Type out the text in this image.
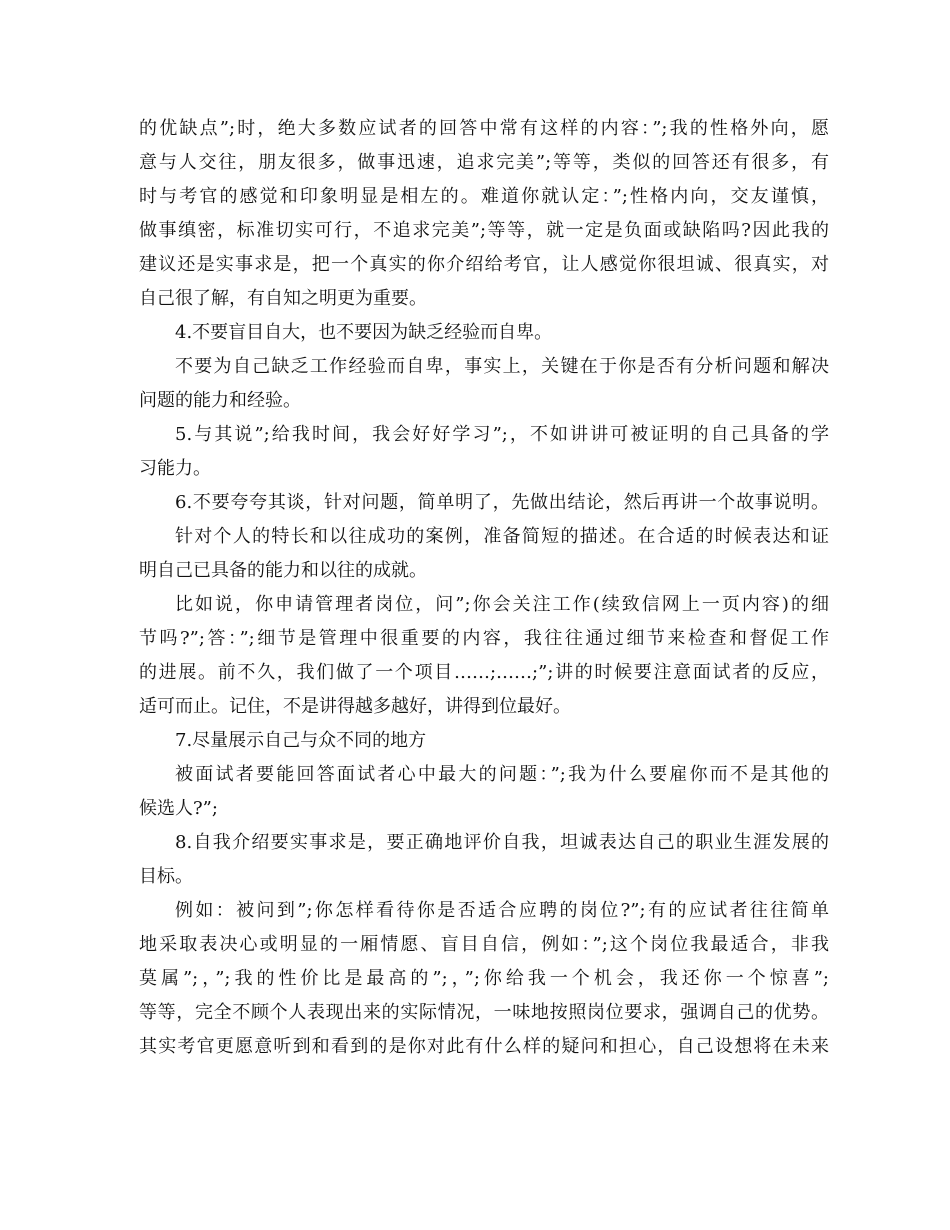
的优缺点”;时，绝大多数应试者的回答中常有这样的内容：”;我的性格外向，愿
意与人交往，朋友很多，做事迅速，追求完美”;等等，类似的回答还有很多，有
时与考官的感觉和印象明显是相左的。难道你就认定：”;性格内向，交友谨慎，
做事缜密，标准切实可行，不追求完美”;等等，就一定是负面或缺陷吗?因此我的
建议还是实事求是，把一个真实的你介绍给考官，让人感觉你很坦诚、很真实，对
自己很了解，有自知之明更为重要。
4.不要盲目自大，也不要因为缺乏经验而自卑。
不要为自己缺乏工作经验而自卑，事实上，关键在于你是否有分析问题和解决
问题的能力和经验。
5.与其说”;给我时间，我会好好学习”;，不如讲讲可被证明的自己具备的学
习能力。
6.不要夸夸其谈，针对问题，简单明了，先做出结论，然后再讲一个故事说明。
针对个人的特长和以往成功的案例，准备简短的描述。在合适的时候表达和证
明自己已具备的能力和以往的成就。
比如说，你申请管理者岗位，问”;你会关注工作(续致信网上一页内容)的细
节吗?”;答：”;细节是管理中很重要的内容，我往往通过细节来检查和督促工作
的进展。前不久，我们做了一个项目……;……;”;讲的时候要注意面试者的反应，
适可而止。记住，不是讲得越多越好，讲得到位最好。
7.尽量展示自己与众不同的地方
被面试者要能回答面试者心中最大的问题：”;我为什么要雇你而不是其他的
候选人?”;
8.自我介绍要实事求是，要正确地评价自我，坦诚表达自己的职业生涯发展的
目标。
例如：被问到”;你怎样看待你是否适合应聘的岗位?”;有的应试者往往简单
地采取表决心或明显的一厢情愿、盲目自信，例如：”;这个岗位我最适合，非我
莫属”;，”;我的性价比是最高的”;，”;你给我一个机会，我还你一个惊喜”;
等等，完全不顾个人表现出来的实际情况，一味地按照岗位要求，强调自己的优势。
其实考官更愿意听到和看到的是你对此有什么样的疑问和担心，自己设想将在未来
